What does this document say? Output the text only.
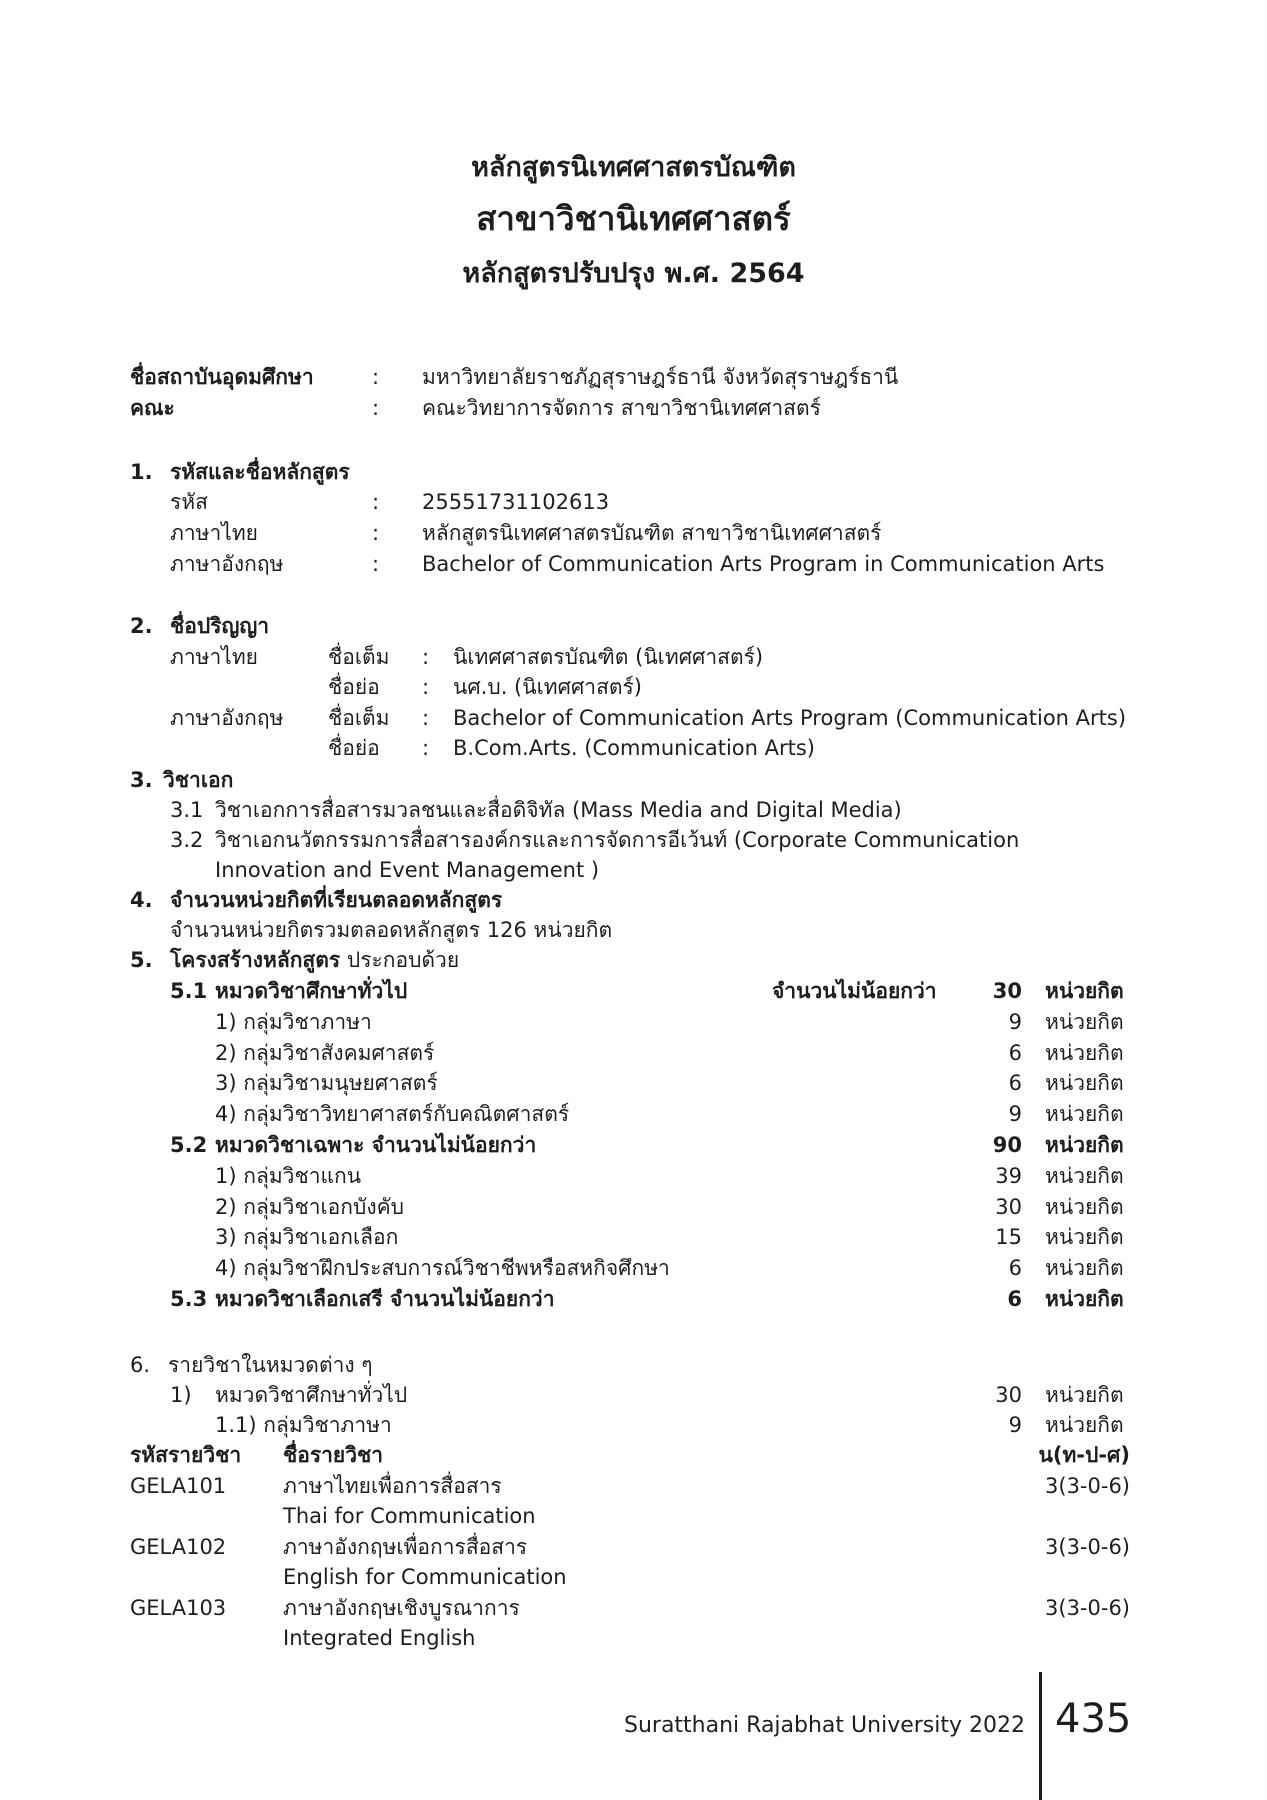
หลักสูตรนิเทศศาสตรบัณฑิต
สาขาวิชานิเทศศาสตร์
หลักสูตรปรับปรุง พ.ศ. 2564
ชื่อสถาบันอุดมศึกษา	: มหาวิทยาลัยราชภัฏสุราษฎร์ธานี จังหวัดสุราษฎร์ธานี
คณะ	: คณะวิทยาการจัดการ สาขาวิชานิเทศศาสตร์
1. รหัสและชื่อหลักสูตร
รหัส	: 25551731102613
ภาษาไทย	: หลักสูตรนิเทศศาสตรบัณฑิต สาขาวิชานิเทศศาสตร์
ภาษาอังกฤษ	: Bachelor of Communication Arts Program in Communication Arts
2. ชื่อปริญญา
ภาษาไทย	ชื่อเต็ม : นิเทศศาสตรบัณฑิต (นิเทศศาสตร์)
ชื่อย่อ : นศ.บ. (นิเทศศาสตร์)
ภาษาอังกฤษ ชื่อเต็ม : Bachelor of Communication Arts Program (Communication Arts)
ชื่อย่อ : B.Com.Arts. (Communication Arts)
3. วิชาเอก
3.1 วิชาเอกการสื่อสารมวลชนและสื่อดิจิทัล (Mass Media and Digital Media)
3.2 วิชาเอกนวัตกรรมการสื่อสารองค์กรและการจัดการอีเว้นท์ (Corporate Communication
Innovation and Event Management )
4. จำนวนหน่วยกิตที่เรียนตลอดหลักสูตร
จำนวนหน่วยกิตรวมตลอดหลักสูตร 126 หน่วยกิต
5. โครงสร้างหลักสูตร ประกอบด้วย
5.1 หมวดวิชาศึกษาทั่วไป	จำนวนไม่น้อยกว่า	30 หน่วยกิต
1) กลุ่มวิชาภาษา	9 หน่วยกิต
2) กลุ่มวิชาสังคมศาสตร์	6 หน่วยกิต
3) กลุ่มวิชามนุษยศาสตร์	6 หน่วยกิต
4) กลุ่มวิชาวิทยาศาสตร์กับคณิตศาสตร์	9 หน่วยกิต
5.2 หมวดวิชาเฉพาะ จำนวนไม่น้อยกว่า	90 หน่วยกิต
1) กลุ่มวิชาแกน	39 หน่วยกิต
2) กลุ่มวิชาเอกบังคับ	30 หน่วยกิต
3) กลุ่มวิชาเอกเลือก	15 หน่วยกิต
4) กลุ่มวิชาฝึกประสบการณ์วิชาชีพหรือสหกิจศึกษา	6 หน่วยกิต
5.3 หมวดวิชาเลือกเสรี จำนวนไม่น้อยกว่า	6 หน่วยกิต
6. รายวิชาในหมวดต่าง ๆ
1) หมวดวิชาศึกษาทั่วไป	30 หน่วยกิต
1.1) กลุ่มวิชาภาษา	9 หน่วยกิต
รหัสรายวิชา ชื่อรายวิชา	น(ท-ป-ศ)
GELA101	ภาษาไทยเพื่อการสื่อสาร	3(3-0-6)
Thai for Communication
GELA102	ภาษาอังกฤษเพื่อการสื่อสาร	3(3-0-6)
English for Communication
GELA103	ภาษาอังกฤษเชิงบูรณาการ	3(3-0-6)
Integrated English
Suratthani Rajabhat University 2022 435
